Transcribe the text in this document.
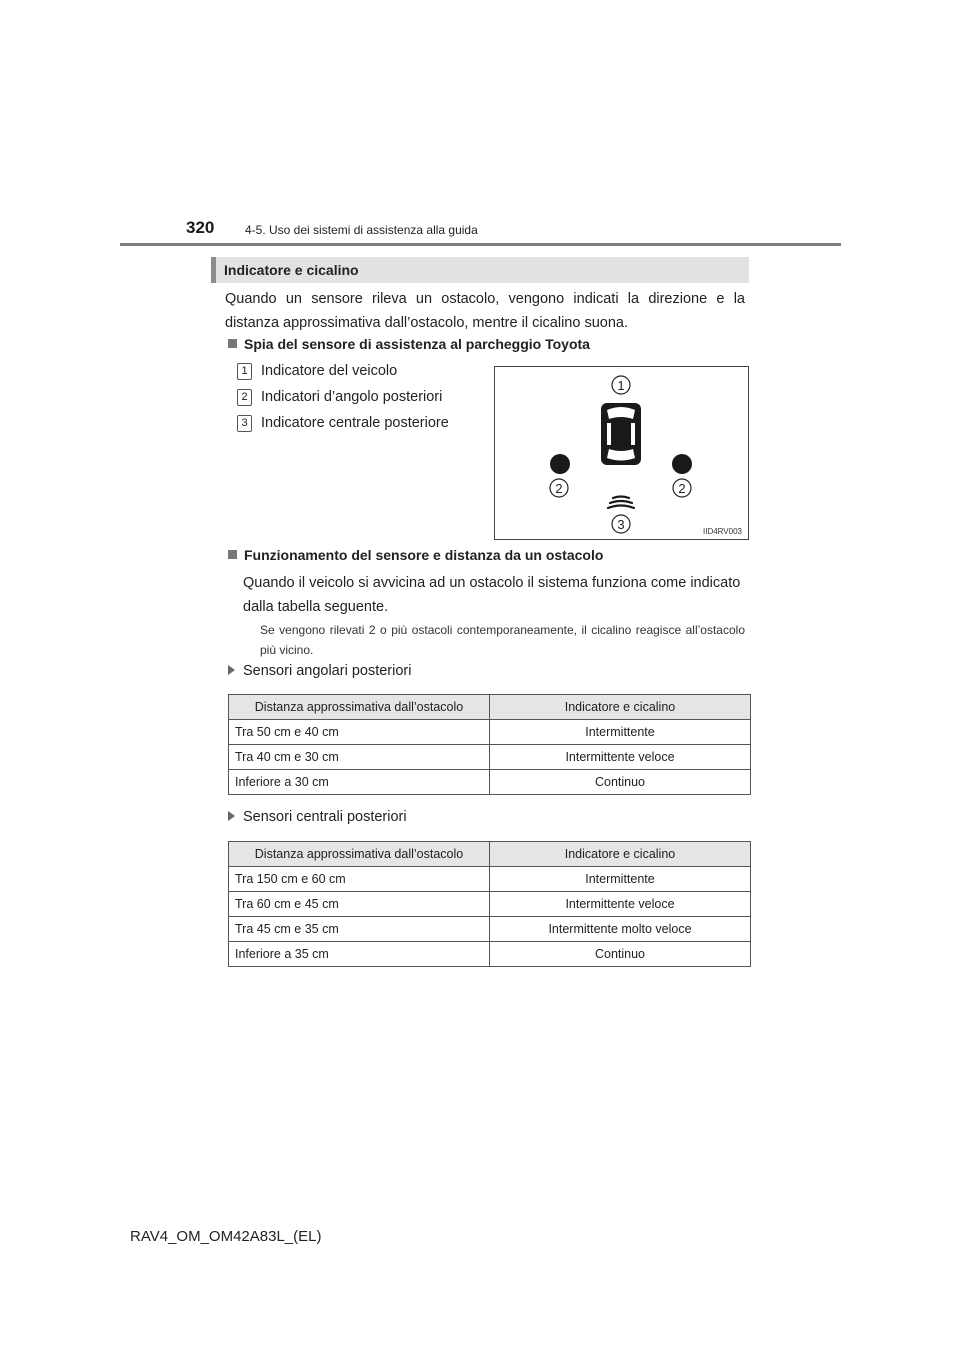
320	4-5. Uso dei sistemi di assistenza alla guida
Indicatore e cicalino
Quando un sensore rileva un ostacolo, vengono indicati la direzione e la distanza approssimativa dall’ostacolo, mentre il cicalino suona.
Spia del sensore di assistenza al parcheggio Toyota
1 Indicatore del veicolo
2 Indicatori d’angolo posteriori
3 Indicatore centrale posteriore
1
2	2
3	IID4RV003
Funzionamento del sensore e distanza da un ostacolo
Quando il veicolo si avvicina ad un ostacolo il sistema funziona come indicato dalla tabella seguente.
Se vengono rilevati 2 o più ostacoli contemporaneamente, il cicalino reagisce all’ostacolo più vicino.
Sensori angolari posteriori
Distanza approssimativa dall’ostacolo	Indicatore e cicalino
Tra 50 cm e 40 cm	Intermittente
Tra 40 cm e 30 cm	Intermittente veloce
Inferiore a 30 cm	Continuo
Sensori centrali posteriori
Distanza approssimativa dall’ostacolo	Indicatore e cicalino
Tra 150 cm e 60 cm	Intermittente
Tra 60 cm e 45 cm	Intermittente veloce
Tra 45 cm e 35 cm	Intermittente molto veloce
Inferiore a 35 cm	Continuo
RAV4_OM_OM42A83L_(EL)
